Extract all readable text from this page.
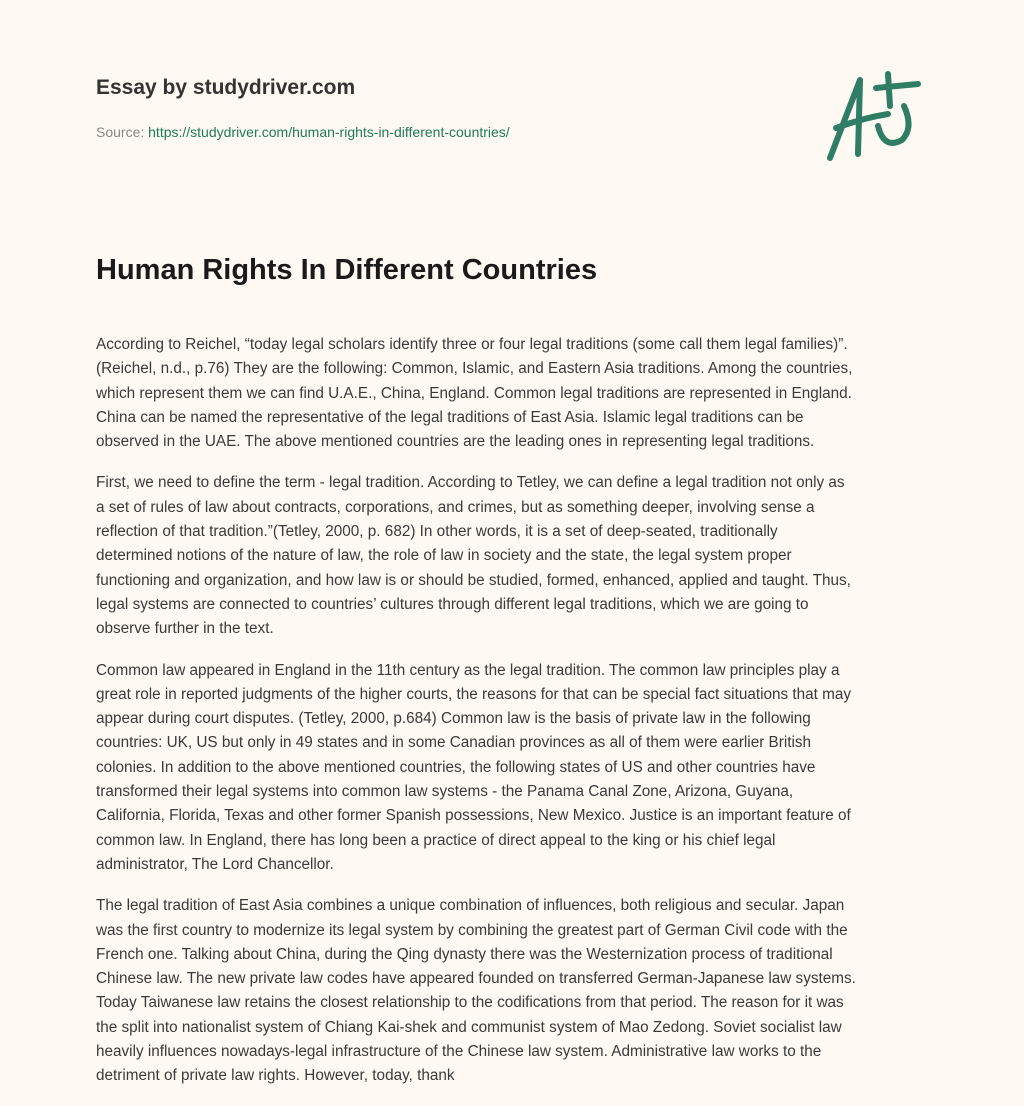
Essay by studydriver.com
Source: https://studydriver.com/human-rights-in-different-countries/
Human Rights In Different Countries

According to Reichel, “today legal scholars identify three or four legal traditions (some call them legal families)”.
(Reichel, n.d., p.76) They are the following: Common, Islamic, and Eastern Asia traditions. Among the countries,
which represent them we can find U.A.E., China, England. Common legal traditions are represented in England.
China can be named the representative of the legal traditions of East Asia. Islamic legal traditions can be
observed in the UAE. The above mentioned countries are the leading ones in representing legal traditions.

First, we need to define the term - legal tradition. According to Tetley, we can define a legal tradition not only as
a set of rules of law about contracts, corporations, and crimes, but as something deeper, involving sense a
reflection of that tradition.”(Tetley, 2000, p. 682) In other words, it is a set of deep-seated, traditionally
determined notions of the nature of law, the role of law in society and the state, the legal system proper
functioning and organization, and how law is or should be studied, formed, enhanced, applied and taught. Thus,
legal systems are connected to countries’ cultures through different legal traditions, which we are going to
observe further in the text.

Common law appeared in England in the 11th century as the legal tradition. The common law principles play a
great role in reported judgments of the higher courts, the reasons for that can be special fact situations that may
appear during court disputes. (Tetley, 2000, p.684) Common law is the basis of private law in the following
countries: UK, US but only in 49 states and in some Canadian provinces as all of them were earlier British
colonies. In addition to the above mentioned countries, the following states of US and other countries have
transformed their legal systems into common law systems - the Panama Canal Zone, Arizona, Guyana,
California, Florida, Texas and other former Spanish possessions, New Mexico. Justice is an important feature of
common law. In England, there has long been a practice of direct appeal to the king or his chief legal
administrator, The Lord Chancellor.

The legal tradition of East Asia combines a unique combination of influences, both religious and secular. Japan
was the first country to modernize its legal system by combining the greatest part of German Civil code with the
French one. Talking about China, during the Qing dynasty there was the Westernization process of traditional
Chinese law. The new private law codes have appeared founded on transferred German-Japanese law systems.
Today Taiwanese law retains the closest relationship to the codifications from that period. The reason for it was
the split into nationalist system of Chiang Kai-shek and communist system of Mao Zedong. Soviet socialist law
heavily influences nowadays-legal infrastructure of the Chinese law system. Administrative law works to the
detriment of private law rights. However, today, thank
